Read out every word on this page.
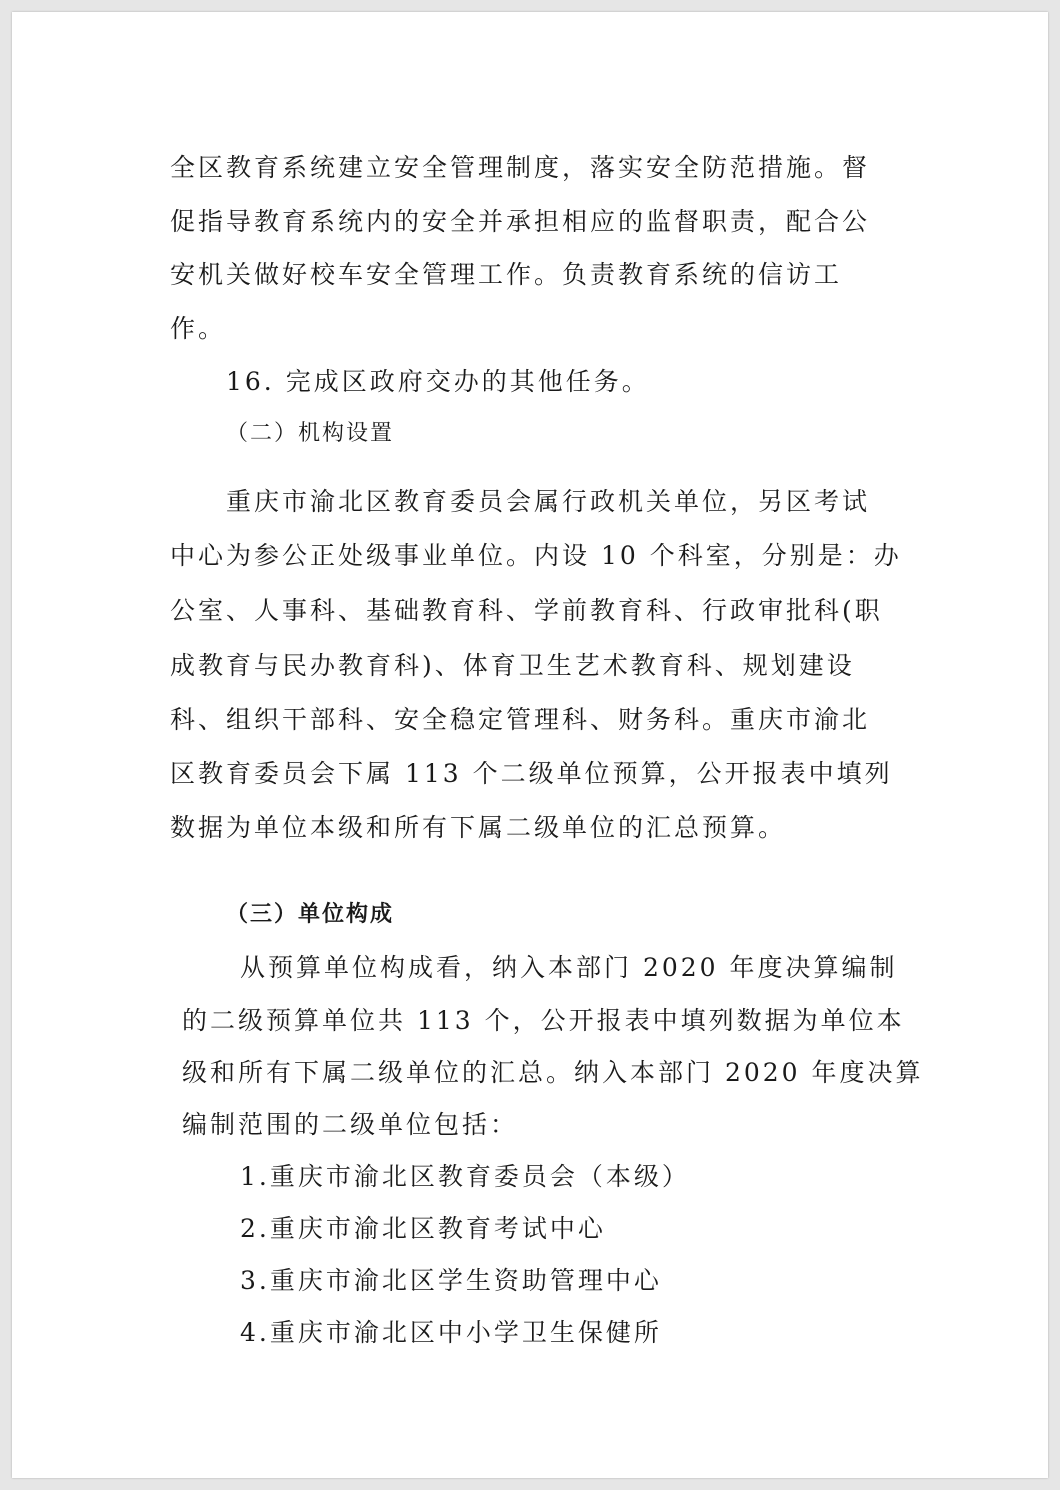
全区教育系统建立安全管理制度，落实安全防范措施。督
促指导教育系统内的安全并承担相应的监督职责，配合公
安机关做好校车安全管理工作。负责教育系统的信访工
作。
16. 完成区政府交办的其他任务。
（二）机构设置
重庆市渝北区教育委员会属行政机关单位，另区考试
中心为参公正处级事业单位。内设 10 个科室，分别是：办
公室、人事科、基础教育科、学前教育科、行政审批科(职
成教育与民办教育科)、体育卫生艺术教育科、规划建设
科、组织干部科、安全稳定管理科、财务科。重庆市渝北
区教育委员会下属 113 个二级单位预算，公开报表中填列
数据为单位本级和所有下属二级单位的汇总预算。
（三）单位构成
从预算单位构成看，纳入本部门 2020 年度决算编制
的二级预算单位共 113 个，公开报表中填列数据为单位本
级和所有下属二级单位的汇总。纳入本部门 2020 年度决算
编制范围的二级单位包括：
1.重庆市渝北区教育委员会（本级）
2.重庆市渝北区教育考试中心
3.重庆市渝北区学生资助管理中心
4.重庆市渝北区中小学卫生保健所
